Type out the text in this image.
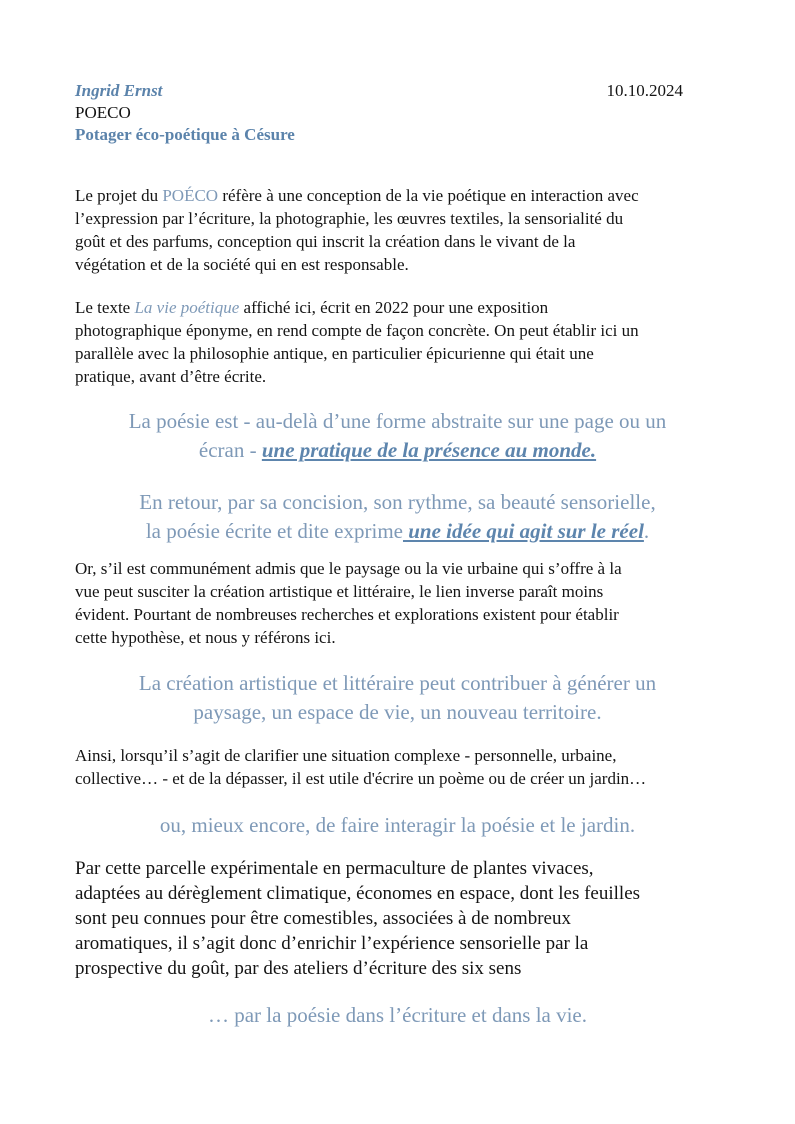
Ingrid Ernst
POECO
Potager éco-poétique à Césure
10.10.2024

Le projet du POÉCO réfère à une conception de la vie poétique en interaction avec
l’expression par l’écriture, la photographie, les œuvres textiles, la sensorialité du
goût et des parfums, conception qui inscrit la création dans le vivant de la
végétation et de la société qui en est responsable.

Le texte La vie poétique affiché ici, écrit en 2022 pour une exposition
photographique éponyme, en rend compte de façon concrète. On peut établir ici un
parallèle avec la philosophie antique, en particulier épicurienne qui était une
pratique, avant d’être écrite.

La poésie est - au-delà d’une forme abstraite sur une page ou un
écran - une pratique de la présence au monde.

En retour, par sa concision, son rythme, sa beauté sensorielle,
la poésie écrite et dite exprime une idée qui agit sur le réel.

Or, s’il est communément admis que le paysage ou la vie urbaine qui s’offre à la
vue peut susciter la création artistique et littéraire, le lien inverse paraît moins
évident. Pourtant de nombreuses recherches et explorations existent pour établir
cette hypothèse, et nous y référons ici.

La création artistique et littéraire peut contribuer à générer un
paysage, un espace de vie, un nouveau territoire.

Ainsi, lorsqu’il s’agit de clarifier une situation complexe - personnelle, urbaine,
collective… - et de la dépasser, il est utile d'écrire un poème ou de créer un jardin…

ou, mieux encore, de faire interagir la poésie et le jardin.

Par cette parcelle expérimentale en permaculture de plantes vivaces,
adaptées au dérèglement climatique, économes en espace, dont les feuilles
sont peu connues pour être comestibles, associées à de nombreux
aromatiques, il s’agit donc d’enrichir l’expérience sensorielle par la
prospective du goût, par des ateliers d’écriture des six sens

… par la poésie dans l’écriture et dans la vie.
